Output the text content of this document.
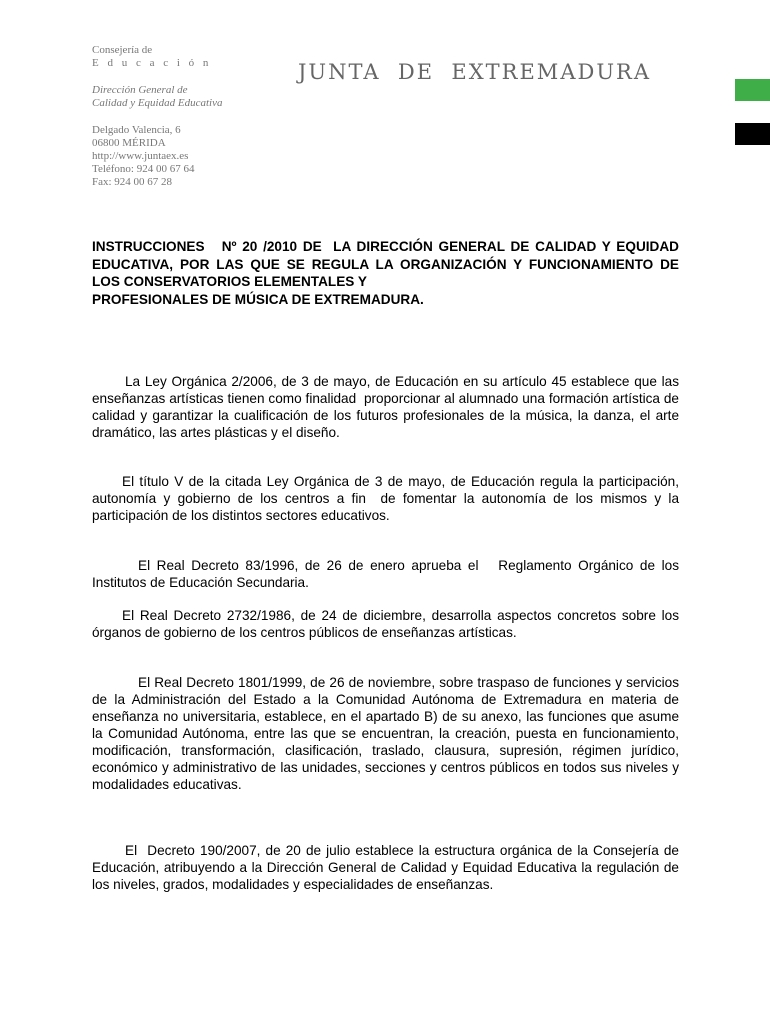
Consejería de
E d u c a c i ó n
Dirección General de
Calidad y Equidad Educativa
Delgado Valencia, 6
06800 MÉRIDA
http://www.juntaex.es
Teléfono: 924 00 67 64
Fax: 924 00 67 28
JUNTA  DE  EXTREMADURA
INSTRUCCIONES   Nº 20 /2010 DE  LA DIRECCIÓN GENERAL DE CALIDAD Y EQUIDAD EDUCATIVA, POR LAS QUE SE REGULA LA ORGANIZACIÓN Y FUNCIONAMIENTO DE LOS CONSERVATORIOS ELEMENTALES Y
PROFESIONALES DE MÚSICA DE EXTREMADURA.

La Ley Orgánica 2/2006, de 3 de mayo, de Educación en su artículo 45 establece que las enseñanzas artísticas tienen como finalidad  proporcionar al alumnado una formación artística de calidad y garantizar la cualificación de los futuros profesionales de la música, la danza, el arte dramático, las artes plásticas y el diseño.

El título V de la citada Ley Orgánica de 3 de mayo, de Educación regula la participación, autonomía y gobierno de los centros a fin  de fomentar la autonomía de los mismos y la participación de los distintos sectores educativos.

El Real Decreto 83/1996, de 26 de enero aprueba el   Reglamento Orgánico de los Institutos de Educación Secundaria.

El Real Decreto 2732/1986, de 24 de diciembre, desarrolla aspectos concretos sobre los órganos de gobierno de los centros públicos de enseñanzas artísticas.

El Real Decreto 1801/1999, de 26 de noviembre, sobre traspaso de funciones y servicios de la Administración del Estado a la Comunidad Autónoma de Extremadura en materia de enseñanza no universitaria, establece, en el apartado B) de su anexo, las funciones que asume la Comunidad Autónoma, entre las que se encuentran, la creación, puesta en funcionamiento, modificación, transformación, clasificación, traslado, clausura, supresión, régimen jurídico, económico y administrativo de las unidades, secciones y centros públicos en todos sus niveles y modalidades educativas.

El  Decreto 190/2007, de 20 de julio establece la estructura orgánica de la Consejería de Educación, atribuyendo a la Dirección General de Calidad y Equidad Educativa la regulación de los niveles, grados, modalidades y especialidades de enseñanzas.
